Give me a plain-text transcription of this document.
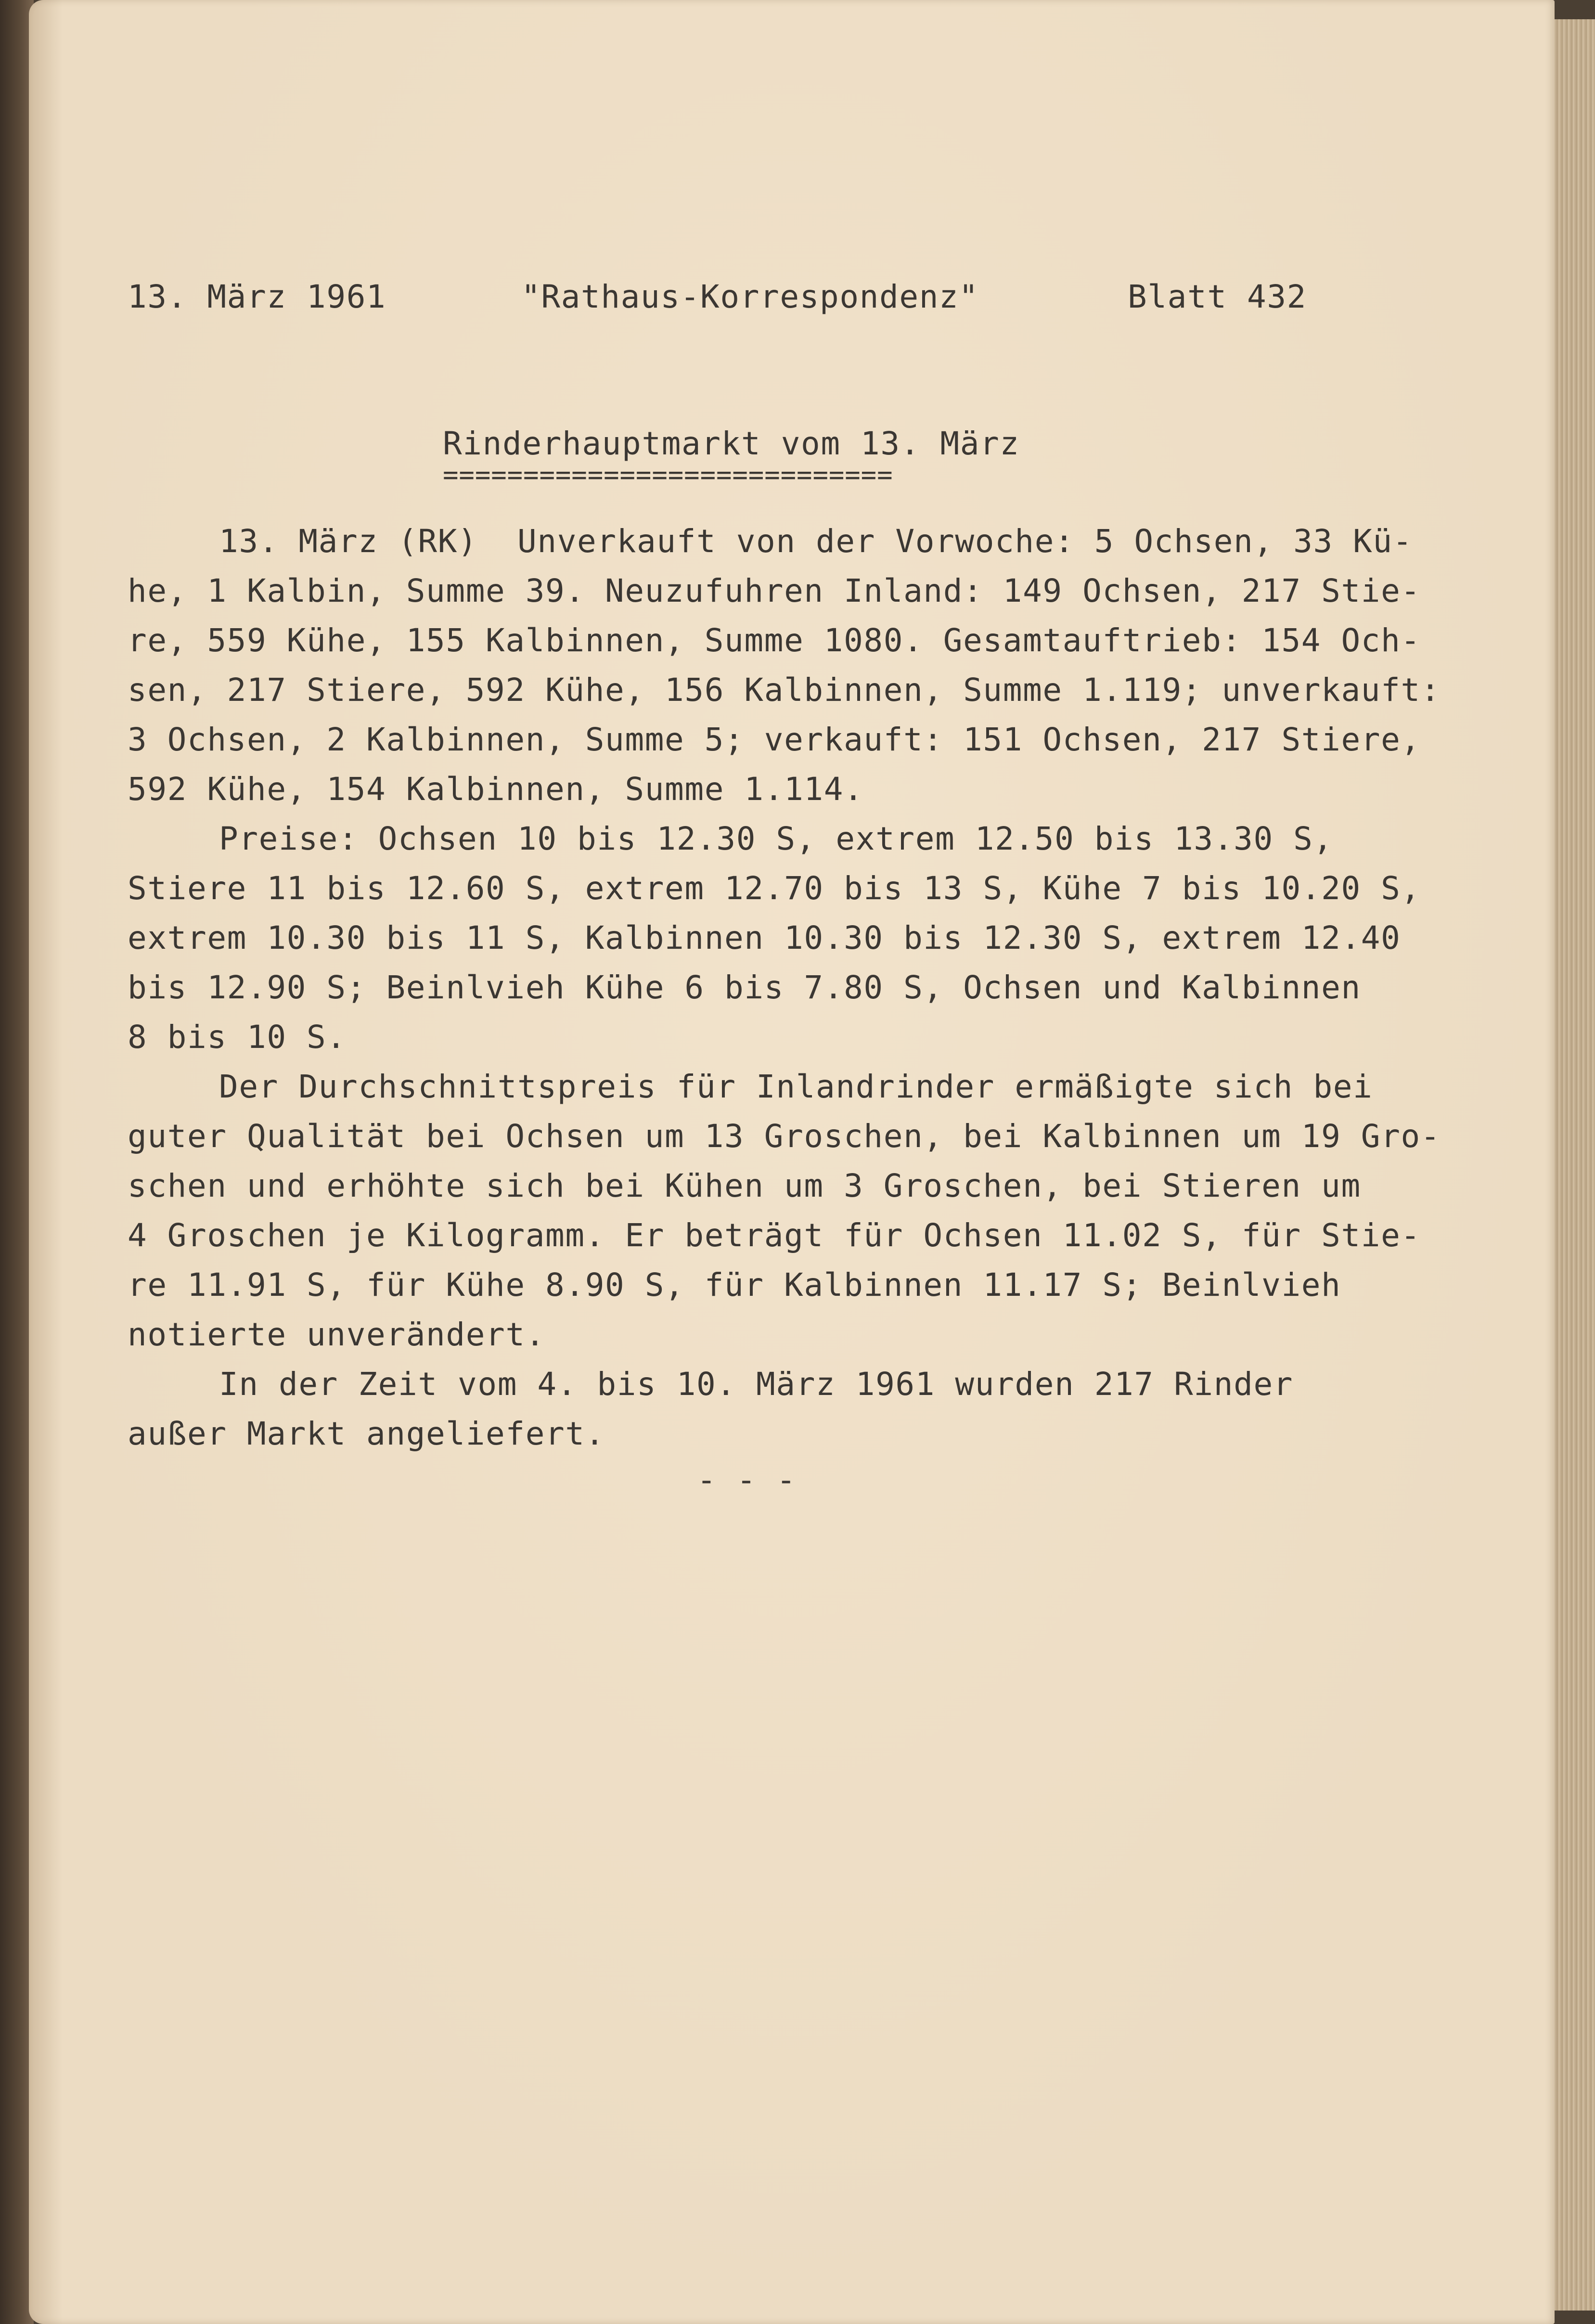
13. März 1961	"Rathaus-Korrespondenz"	Blatt 432
Rinderhauptmarkt vom 13. März
============================
13. März (RK)  Unverkauft von der Vorwoche: 5 Ochsen, 33 Kü-
he, 1 Kalbin, Summe 39. Neuzufuhren Inland: 149 Ochsen, 217 Stie-
re, 559 Kühe, 155 Kalbinnen, Summe 1080. Gesamtauftrieb: 154 Och-
sen, 217 Stiere, 592 Kühe, 156 Kalbinnen, Summe 1.119; unverkauft:
3 Ochsen, 2 Kalbinnen, Summe 5; verkauft: 151 Ochsen, 217 Stiere,
592 Kühe, 154 Kalbinnen, Summe 1.114.
Preise: Ochsen 10 bis 12.30 S, extrem 12.50 bis 13.30 S,
Stiere 11 bis 12.60 S, extrem 12.70 bis 13 S, Kühe 7 bis 10.20 S,
extrem 10.30 bis 11 S, Kalbinnen 10.30 bis 12.30 S, extrem 12.40
bis 12.90 S; Beinlvieh Kühe 6 bis 7.80 S, Ochsen und Kalbinnen
8 bis 10 S.
Der Durchschnittspreis für Inlandrinder ermäßigte sich bei
guter Qualität bei Ochsen um 13 Groschen, bei Kalbinnen um 19 Gro-
schen und erhöhte sich bei Kühen um 3 Groschen, bei Stieren um
4 Groschen je Kilogramm. Er beträgt für Ochsen 11.02 S, für Stie-
re 11.91 S, für Kühe 8.90 S, für Kalbinnen 11.17 S; Beinlvieh
notierte unverändert.
In der Zeit vom 4. bis 10. März 1961 wurden 217 Rinder
außer Markt angeliefert.
- - -
